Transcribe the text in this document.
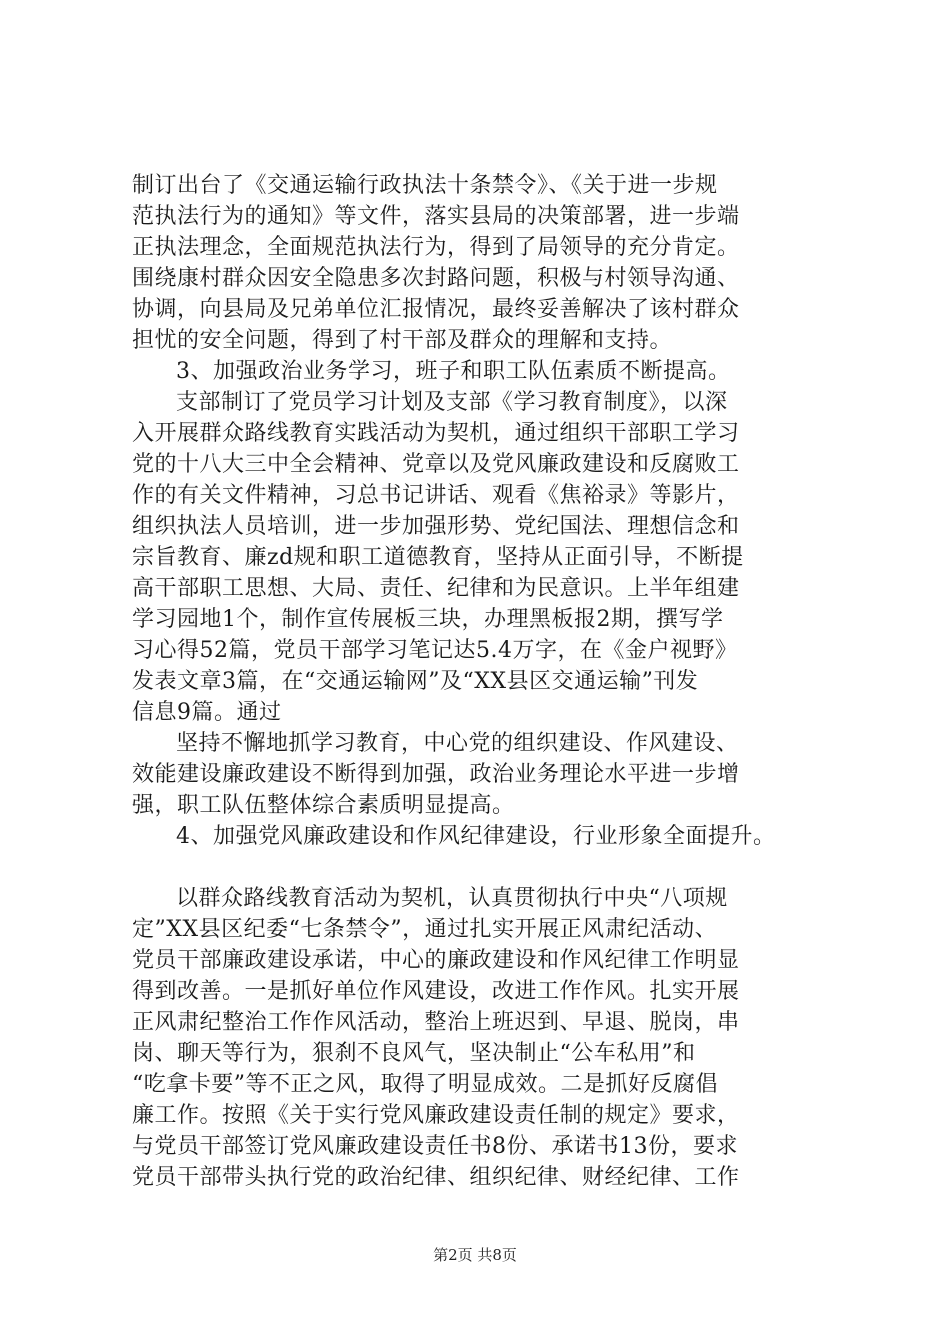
制订出台了《交通运输行政执法十条禁令》、《关于进一步规
范执法行为的通知》等文件，落实县局的决策部署，进一步端
正执法理念，全面规范执法行为，得到了局领导的充分肯定。
围绕康村群众因安全隐患多次封路问题，积极与村领导沟通、
协调，向县局及兄弟单位汇报情况，最终妥善解决了该村群众
担忧的安全问题，得到了村干部及群众的理解和支持。
3、加强政治业务学习，班子和职工队伍素质不断提高。
支部制订了党员学习计划及支部《学习教育制度》，以深
入开展群众路线教育实践活动为契机，通过组织干部职工学习
党的十八大三中全会精神、党章以及党风廉政建设和反腐败工
作的有关文件精神，习总书记讲话、观看《焦裕录》等影片，
组织执法人员培训，进一步加强形势、党纪国法、理想信念和
宗旨教育、廉zd规和职工道德教育，坚持从正面引导，不断提
高干部职工思想、大局、责任、纪律和为民意识。上半年组建
学习园地1个，制作宣传展板三块，办理黑板报2期，撰写学
习心得52篇，党员干部学习笔记达5.4万字，在《金户视野》
发表文章3篇，在“交通运输网”及“XX县区交通运输”刊发
信息9篇。通过
坚持不懈地抓学习教育，中心党的组织建设、作风建设、
效能建设廉政建设不断得到加强，政治业务理论水平进一步增
强，职工队伍整体综合素质明显提高。
4、加强党风廉政建设和作风纪律建设，行业形象全面提升。
以群众路线教育活动为契机，认真贯彻执行中央“八项规
定”XX县区纪委“七条禁令”，通过扎实开展正风肃纪活动、
党员干部廉政建设承诺，中心的廉政建设和作风纪律工作明显
得到改善。一是抓好单位作风建设，改进工作作风。扎实开展
正风肃纪整治工作作风活动，整治上班迟到、早退、脱岗，串
岗、聊天等行为，狠刹不良风气，坚决制止“公车私用”和
“吃拿卡要”等不正之风，取得了明显成效。二是抓好反腐倡
廉工作。按照《关于实行党风廉政建设责任制的规定》要求，
与党员干部签订党风廉政建设责任书8份、承诺书13份，要求
党员干部带头执行党的政治纪律、组织纪律、财经纪律、工作
第2页 共8页
